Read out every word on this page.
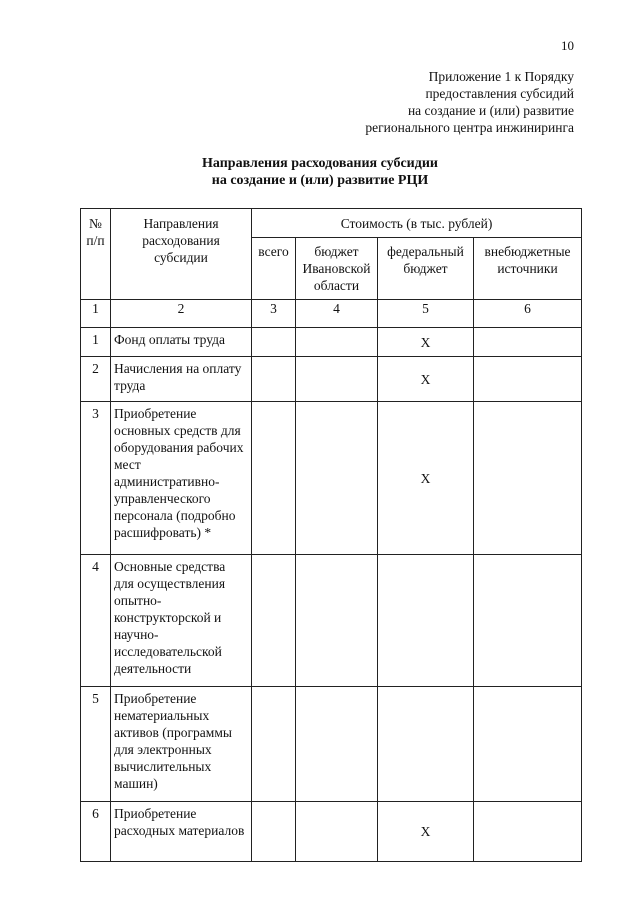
10
Приложение 1 к Порядку
предоставления субсидий
на создание и (или) развитие
регионального центра инжиниринга
Направления расходования субсидии
на создание и (или) развитие РЦИ
№ п/п	Направления расходования субсидии	Стоимость (в тыс. рублей)			
		всего	бюджет Ивановской области	федеральный бюджет	внебюджетные источники
1	2	3	4	5	6
1	Фонд оплаты труда			X	
2	Начисления на оплату труда			X	
3	Приобретение основных средств для оборудования рабочих мест административно-управленческого персонала (подробно расшифровать) *			X	
4	Основные средства для осуществления опытно-конструкторской и научно-исследовательской деятельности				
5	Приобретение нематериальных активов (программы для электронных вычислительных машин)				
6	Приобретение расходных материалов			X	
